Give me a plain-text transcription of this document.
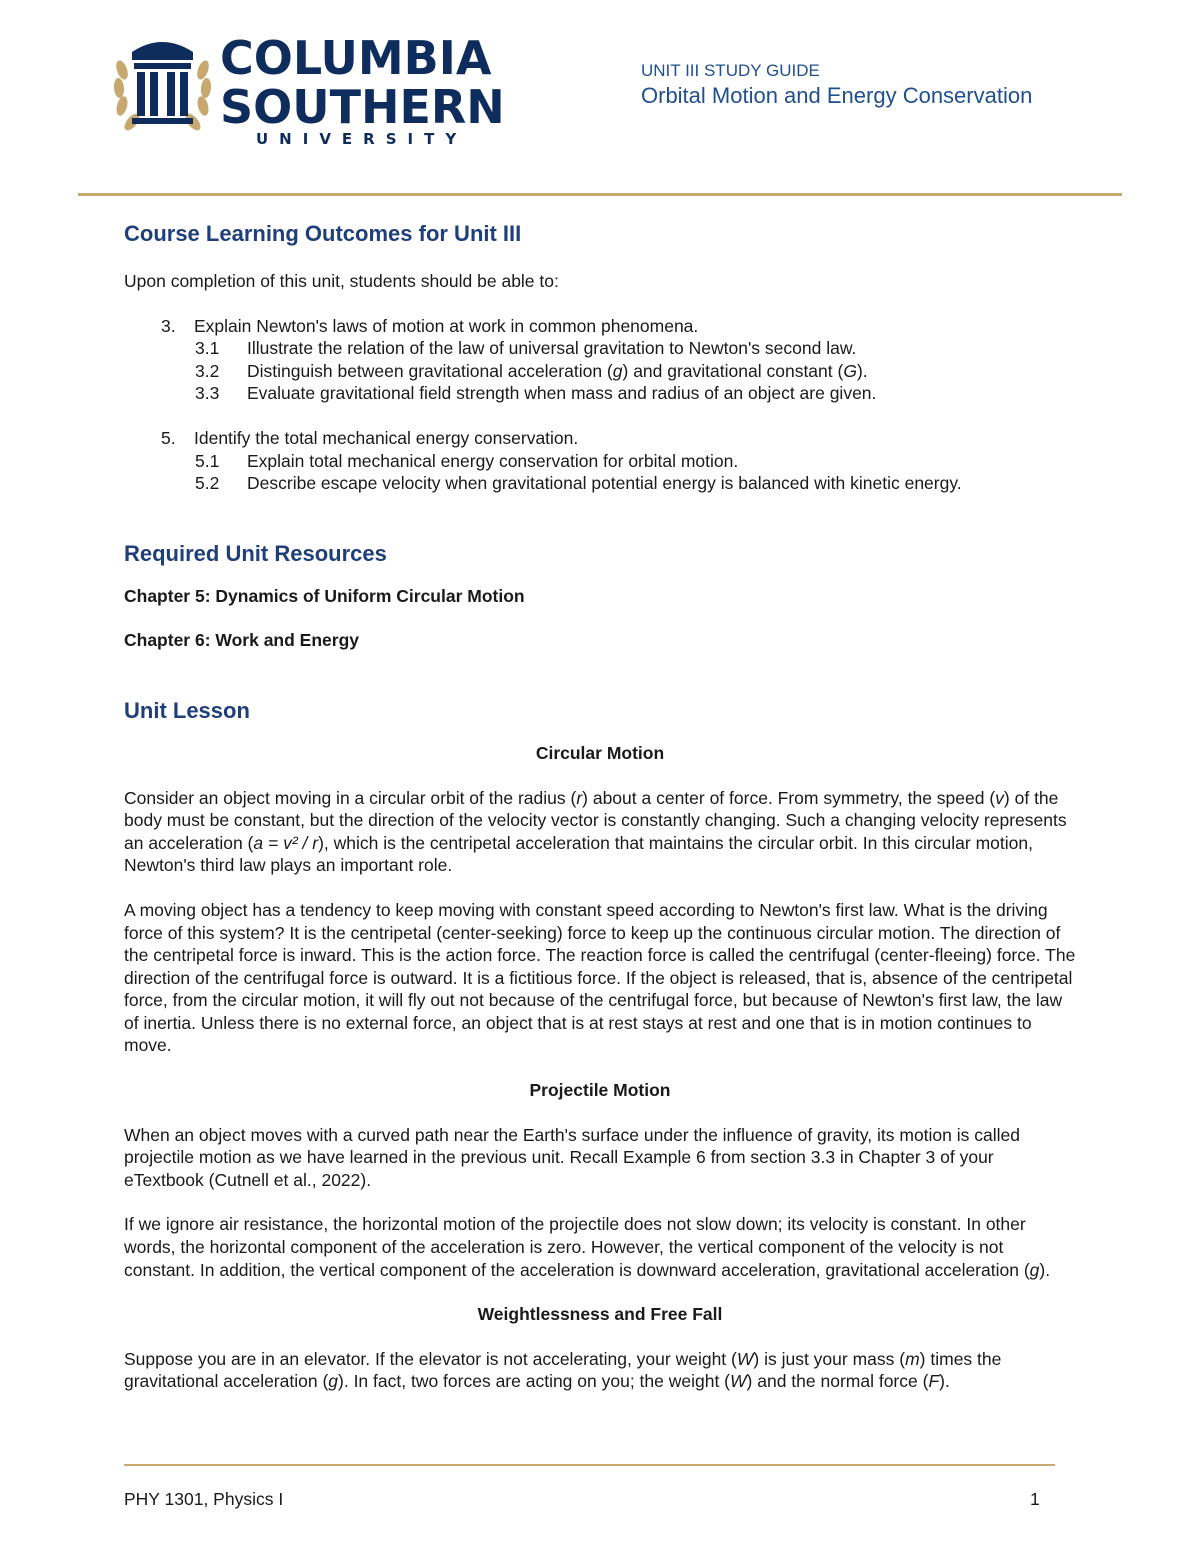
COLUMBIA
SOUTHERN
UNIVERSITY
UNIT III STUDY GUIDE
Orbital Motion and Energy Conservation
Course Learning Outcomes for Unit III

Upon completion of this unit, students should be able to:

3.	Explain Newton's laws of motion at work in common phenomena.
3.1	Illustrate the relation of the law of universal gravitation to Newton's second law.
3.2	Distinguish between gravitational acceleration (g) and gravitational constant (G).
3.3	Evaluate gravitational field strength when mass and radius of an object are given.
5.	Identify the total mechanical energy conservation.
5.1	Explain total mechanical energy conservation for orbital motion.
5.2	Describe escape velocity when gravitational potential energy is balanced with kinetic energy.
Required Unit Resources

Chapter 5: Dynamics of Uniform Circular Motion

Chapter 6: Work and Energy

Unit Lesson

Circular Motion

Consider an object moving in a circular orbit of the radius (r) about a center of force. From symmetry, the speed (v) of the body must be constant, but the direction of the velocity vector is constantly changing. Such a changing velocity represents an acceleration (a = v² / r), which is the centripetal acceleration that maintains the circular orbit. In this circular motion, Newton's third law plays an important role.

A moving object has a tendency to keep moving with constant speed according to Newton's first law. What is the driving force of this system? It is the centripetal (center-seeking) force to keep up the continuous circular motion. The direction of the centripetal force is inward. This is the action force. The reaction force is called the centrifugal (center-fleeing) force. The direction of the centrifugal force is outward. It is a fictitious force. If the object is released, that is, absence of the centripetal force, from the circular motion, it will fly out not because of the centrifugal force, but because of Newton's first law, the law of inertia. Unless there is no external force, an object that is at rest stays at rest and one that is in motion continues to move.

Projectile Motion

When an object moves with a curved path near the Earth's surface under the influence of gravity, its motion is called projectile motion as we have learned in the previous unit. Recall Example 6 from section 3.3 in Chapter 3 of your eTextbook (Cutnell et al., 2022).

If we ignore air resistance, the horizontal motion of the projectile does not slow down; its velocity is constant. In other words, the horizontal component of the acceleration is zero. However, the vertical component of the velocity is not constant. In addition, the vertical component of the acceleration is downward acceleration, gravitational acceleration (g).

Weightlessness and Free Fall

Suppose you are in an elevator. If the elevator is not accelerating, your weight (W) is just your mass (m) times the gravitational acceleration (g). In fact, two forces are acting on you; the weight (W) and the normal force (F).

PHY 1301, Physics I	1
